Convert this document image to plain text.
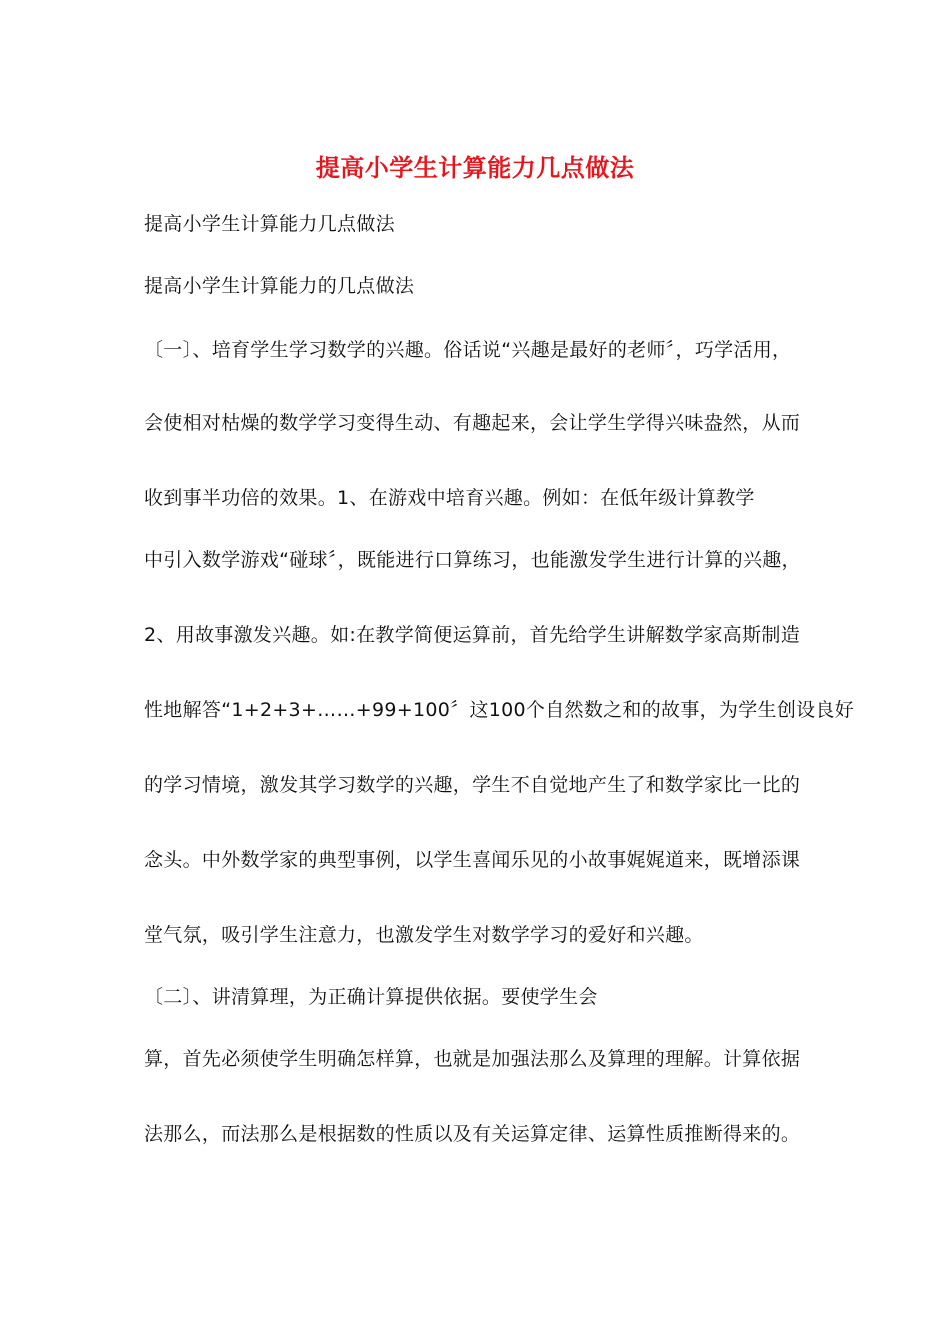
提高小学生计算能力几点做法
提高小学生计算能力几点做法
提高小学生计算能力的几点做法
〔一〕、培育学生学习数学的兴趣。俗话说“兴趣是最好的老师〞，巧学活用，
会使相对枯燥的数学学习变得生动、有趣起来，会让学生学得兴味盎然，从而
收到事半功倍的效果。1、在游戏中培育兴趣。例如：在低年级计算教学
中引入数学游戏“碰球〞，既能进行口算练习，也能激发学生进行计算的兴趣，
2、用故事激发兴趣。如:在教学简便运算前，首先给学生讲解数学家高斯制造
性地解答“1+2+3+……+99+100〞这100个自然数之和的故事，为学生创设良好
的学习情境，激发其学习数学的兴趣，学生不自觉地产生了和数学家比一比的
念头。中外数学家的典型事例，以学生喜闻乐见的小故事娓娓道来，既增添课
堂气氛，吸引学生注意力，也激发学生对数学学习的爱好和兴趣。
〔二〕、讲清算理，为正确计算提供依据。要使学生会
算，首先必须使学生明确怎样算，也就是加强法那么及算理的理解。计算依据
法那么，而法那么是根据数的性质以及有关运算定律、运算性质推断得来的。
